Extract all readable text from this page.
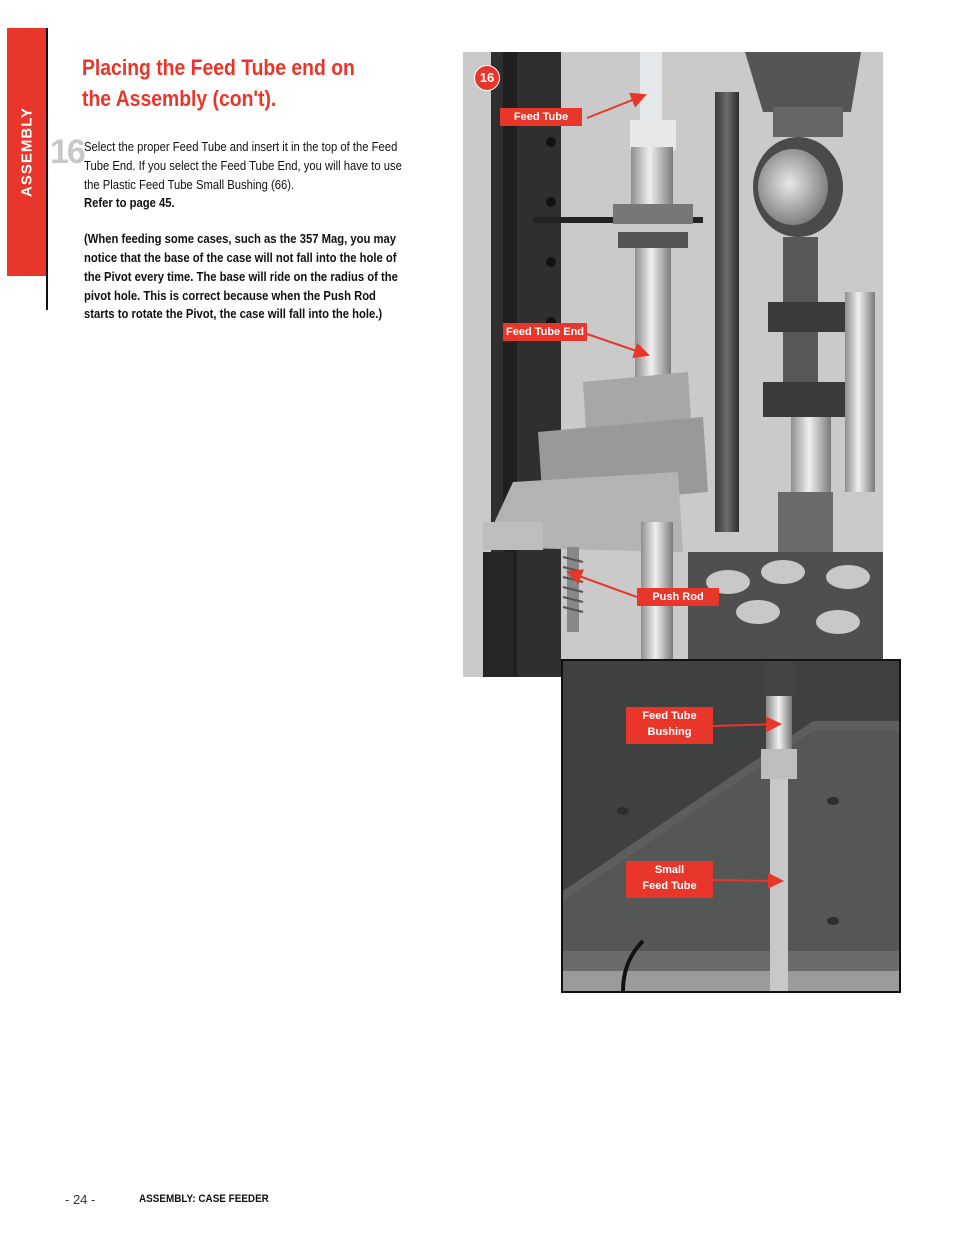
ASSEMBLY
Placing the Feed Tube end on
the Assembly (con't).
16 Select the proper Feed Tube and insert it in the top of the Feed Tube End. If you select the Feed Tube End, you will have to use the Plastic Feed Tube Small Bushing (66).

Refer to page 45.

(When feeding some cases, such as the 357 Mag, you may notice that the base of the case will not fall into the hole of the Pivot every time. The base will ride on the radius of the pivot hole. This is correct because when the Push Rod starts to rotate the Pivot, the case will fall into the hole.)

16
Feed Tube
Feed Tube End
Push Rod
Feed Tube
Bushing
Small
Feed Tube
- 24 -	ASSEMBLY: CASE FEEDER
